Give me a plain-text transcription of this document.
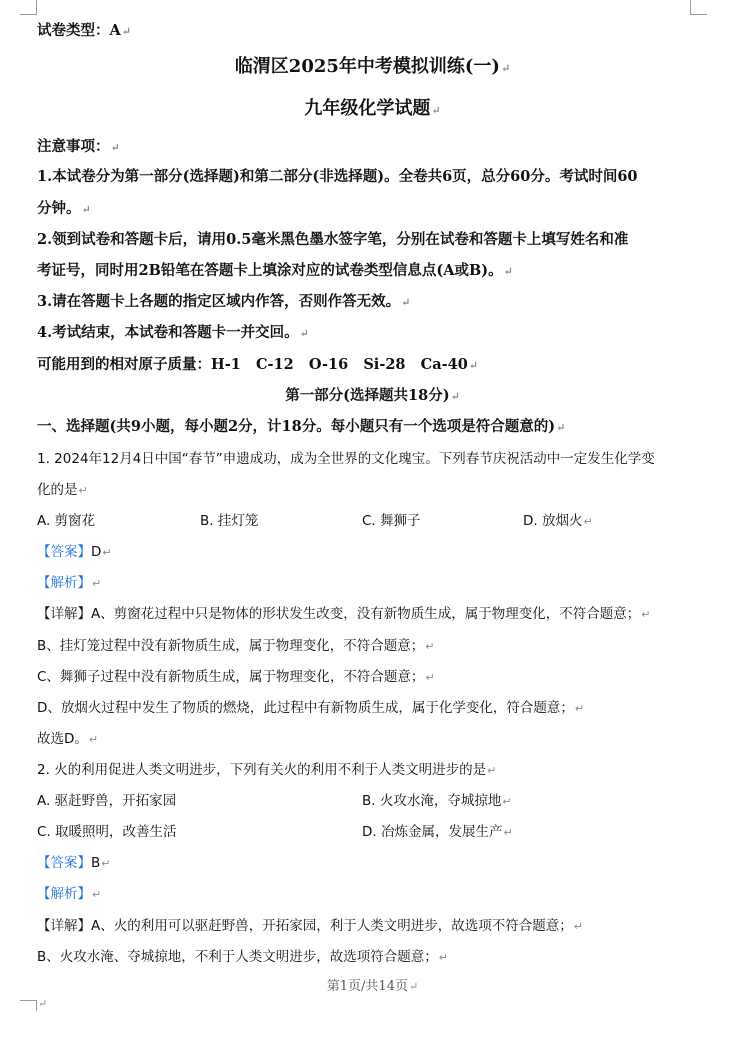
试卷类型：A↵
临渭区2025年中考模拟训练(一)↵
九年级化学试题↵
注意事项：↵
1.本试卷分为第一部分(选择题)和第二部分(非选择题)。全卷共6页，总分60分。考试时间60
分钟。↵
2.领到试卷和答题卡后，请用0.5毫米黑色墨水签字笔，分别在试卷和答题卡上填写姓名和准
考证号，同时用2B铅笔在答题卡上填涂对应的试卷类型信息点(A或B)。↵
3.请在答题卡上各题的指定区域内作答，否则作答无效。↵
4.考试结束，本试卷和答题卡一并交回。↵
可能用到的相对原子质量：H-1   C-12   O-16   Si-28   Ca-40↵
第一部分(选择题共18分)↵
一、选择题(共9小题，每小题2分，计18分。每小题只有一个选项是符合题意的)↵
1. 2024年12月4日中国“春节”申遗成功，成为全世界的文化瑰宝。下列春节庆祝活动中一定发生化学变
化的是↵
A. 剪窗花	B. 挂灯笼	C. 舞狮子	D. 放烟火↵
【答案】D↵
【解析】↵
【详解】A、剪窗花过程中只是物体的形状发生改变，没有新物质生成，属于物理变化，不符合题意；↵
B、挂灯笼过程中没有新物质生成，属于物理变化，不符合题意；↵
C、舞狮子过程中没有新物质生成，属于物理变化，不符合题意；↵
D、放烟火过程中发生了物质的燃烧，此过程中有新物质生成，属于化学变化，符合题意；↵
故选D。↵
2. 火的利用促进人类文明进步，下列有关火的利用不利于人类文明进步的是↵
A. 驱赶野兽，开拓家园	B. 火攻水淹，夺城掠地↵
C. 取暖照明，改善生活	D. 冶炼金属，发展生产↵
【答案】B↵
【解析】↵
【详解】A、火的利用可以驱赶野兽，开拓家园，利于人类文明进步，故选项不符合题意；↵
B、火攻水淹、夺城掠地，不利于人类文明进步，故选项符合题意；↵
第1页/共14页↵
↵
